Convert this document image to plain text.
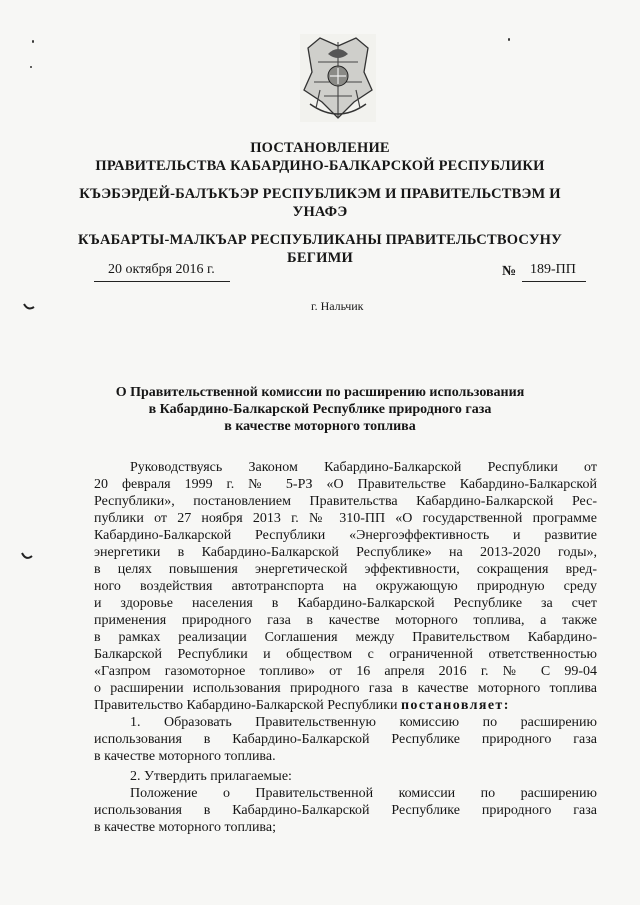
ПОСТАНОВЛЕНИЕ
ПРАВИТЕЛЬСТВА КАБАРДИНО-БАЛКАРСКОЙ РЕСПУБЛИКИ
КЪЭБЭРДЕЙ-БАЛЪКЪЭР РЕСПУБЛИКЭМ И ПРАВИТЕЛЬСТВЭМ И
УНАФЭ
КЪАБАРТЫ-МАЛКЪАР РЕСПУБЛИКАНЫ ПРАВИТЕЛЬСТВОСУНУ
БЕГИМИ
20 октября 2016 г.	№ 189-ПП
г. Нальчик
О Правительственной комиссии по расширению использования
в Кабардино-Балкарской Республике природного газа
в качестве моторного топлива
Руководствуясь Законом Кабардино-Балкарской Республики от
20 февраля 1999 г. № 5-РЗ «О Правительстве Кабардино-Балкарской
Республики», постановлением Правительства Кабардино-Балкарской Рес-
публики от 27 ноября 2013 г. № 310-ПП «О государственной программе
Кабардино-Балкарской Республики «Энергоэффективность и развитие
энергетики в Кабардино-Балкарской Республике» на 2013-2020 годы»,
в целях повышения энергетической эффективности, сокращения вред-
ного воздействия автотранспорта на окружающую природную среду
и здоровье населения в Кабардино-Балкарской Республике за счет
применения природного газа в качестве моторного топлива, а также
в рамках реализации Соглашения между Правительством Кабардино-
Балкарской Республики и обществом с ограниченной ответственностью
«Газпром газомоторное топливо» от 16 апреля 2016 г. № С 99-04
о расширении использования природного газа в качестве моторного топлива
Правительство Кабардино-Балкарской Республики постановляет:
1. Образовать Правительственную комиссию по расширению
использования в Кабардино-Балкарской Республике природного газа
в качестве моторного топлива.
2. Утвердить прилагаемые:
Положение о Правительственной комиссии по расширению
использования в Кабардино-Балкарской Республике природного газа
в качестве моторного топлива;
